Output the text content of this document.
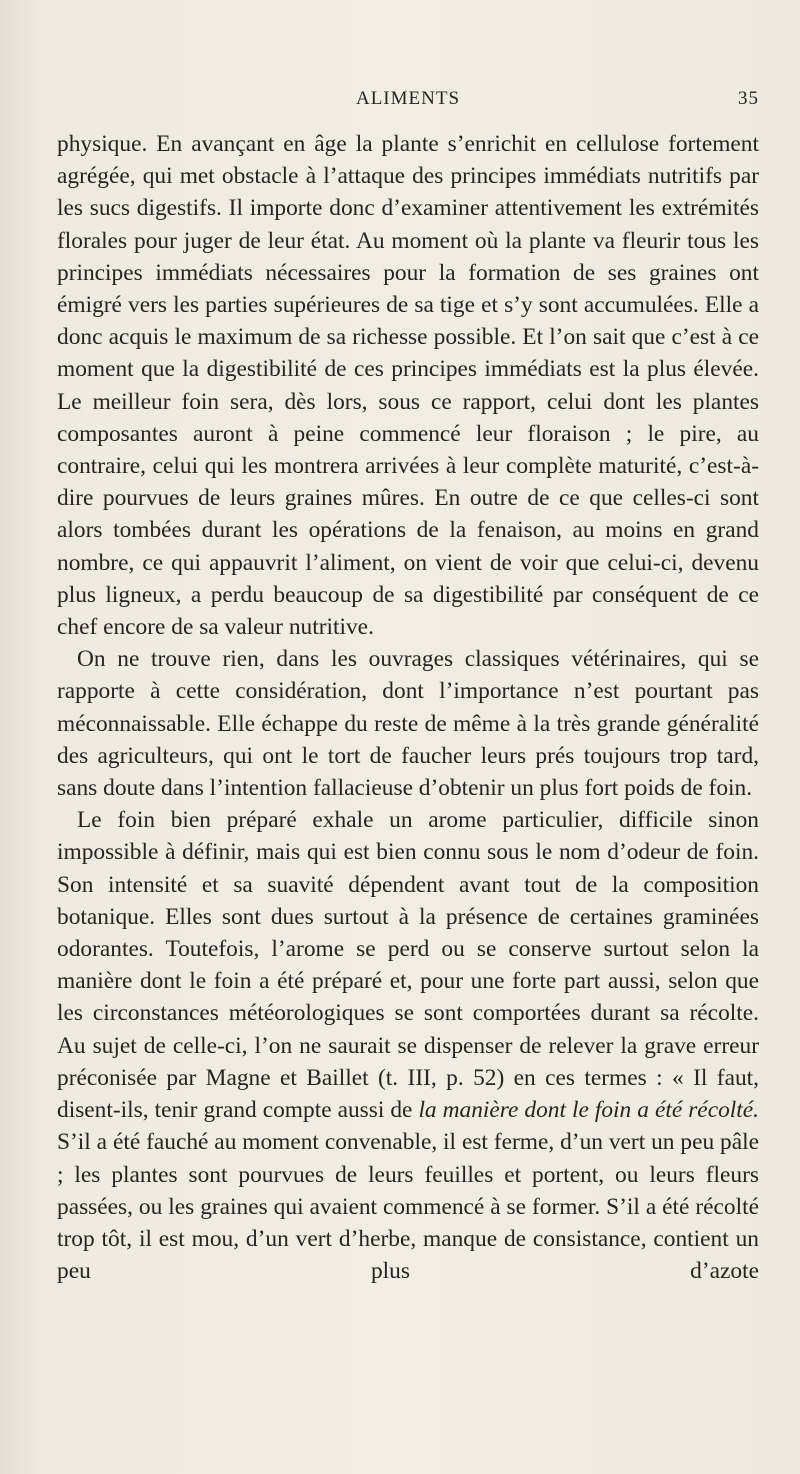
ALIMENTS	35

physique. En avançant en âge la plante s’enrichit en cellulose fortement agrégée, qui met obstacle à l’attaque des principes immédiats nutritifs par les sucs digestifs. Il importe donc d’examiner attentivement les extrémités florales pour juger de leur état. Au moment où la plante va fleurir tous les principes immédiats nécessaires pour la formation de ses graines ont émigré vers les parties supérieures de sa tige et s’y sont accumulées. Elle a donc acquis le maximum de sa richesse possible. Et l’on sait que c’est à ce moment que la digestibilité de ces principes immédiats est la plus élevée. Le meilleur foin sera, dès lors, sous ce rapport, celui dont les plantes composantes auront à peine commencé leur floraison ; le pire, au contraire, celui qui les montrera arrivées à leur complète maturité, c’est-à-dire pourvues de leurs graines mûres. En outre de ce que celles-ci sont alors tombées durant les opérations de la fenaison, au moins en grand nombre, ce qui appauvrit l’aliment, on vient de voir que celui-ci, devenu plus ligneux, a perdu beaucoup de sa digestibilité par conséquent de ce chef encore de sa valeur nutritive.

On ne trouve rien, dans les ouvrages classiques vétérinaires, qui se rapporte à cette considération, dont l’importance n’est pourtant pas méconnaissable. Elle échappe du reste de même à la très grande généralité des agriculteurs, qui ont le tort de faucher leurs prés toujours trop tard, sans doute dans l’intention fallacieuse d’obtenir un plus fort poids de foin.

Le foin bien préparé exhale un arome particulier, difficile sinon impossible à définir, mais qui est bien connu sous le nom d’odeur de foin. Son intensité et sa suavité dépendent avant tout de la composition botanique. Elles sont dues surtout à la présence de certaines graminées odorantes. Toutefois, l’arome se perd ou se conserve surtout selon la manière dont le foin a été préparé et, pour une forte part aussi, selon que les circonstances météorologiques se sont comportées durant sa récolte. Au sujet de celle-ci, l’on ne saurait se dispenser de relever la grave erreur préconisée par Magne et Baillet (t. III, p. 52) en ces termes : « Il faut, disent-ils, tenir grand compte aussi de la manière dont le foin a été récolté. S’il a été fauché au moment convenable, il est ferme, d’un vert un peu pâle ; les plantes sont pourvues de leurs feuilles et portent, ou leurs fleurs passées, ou les graines qui avaient commencé à se former. S’il a été récolté trop tôt, il est mou, d’un vert d’herbe, manque de consistance, contient un peu plus d’azote
